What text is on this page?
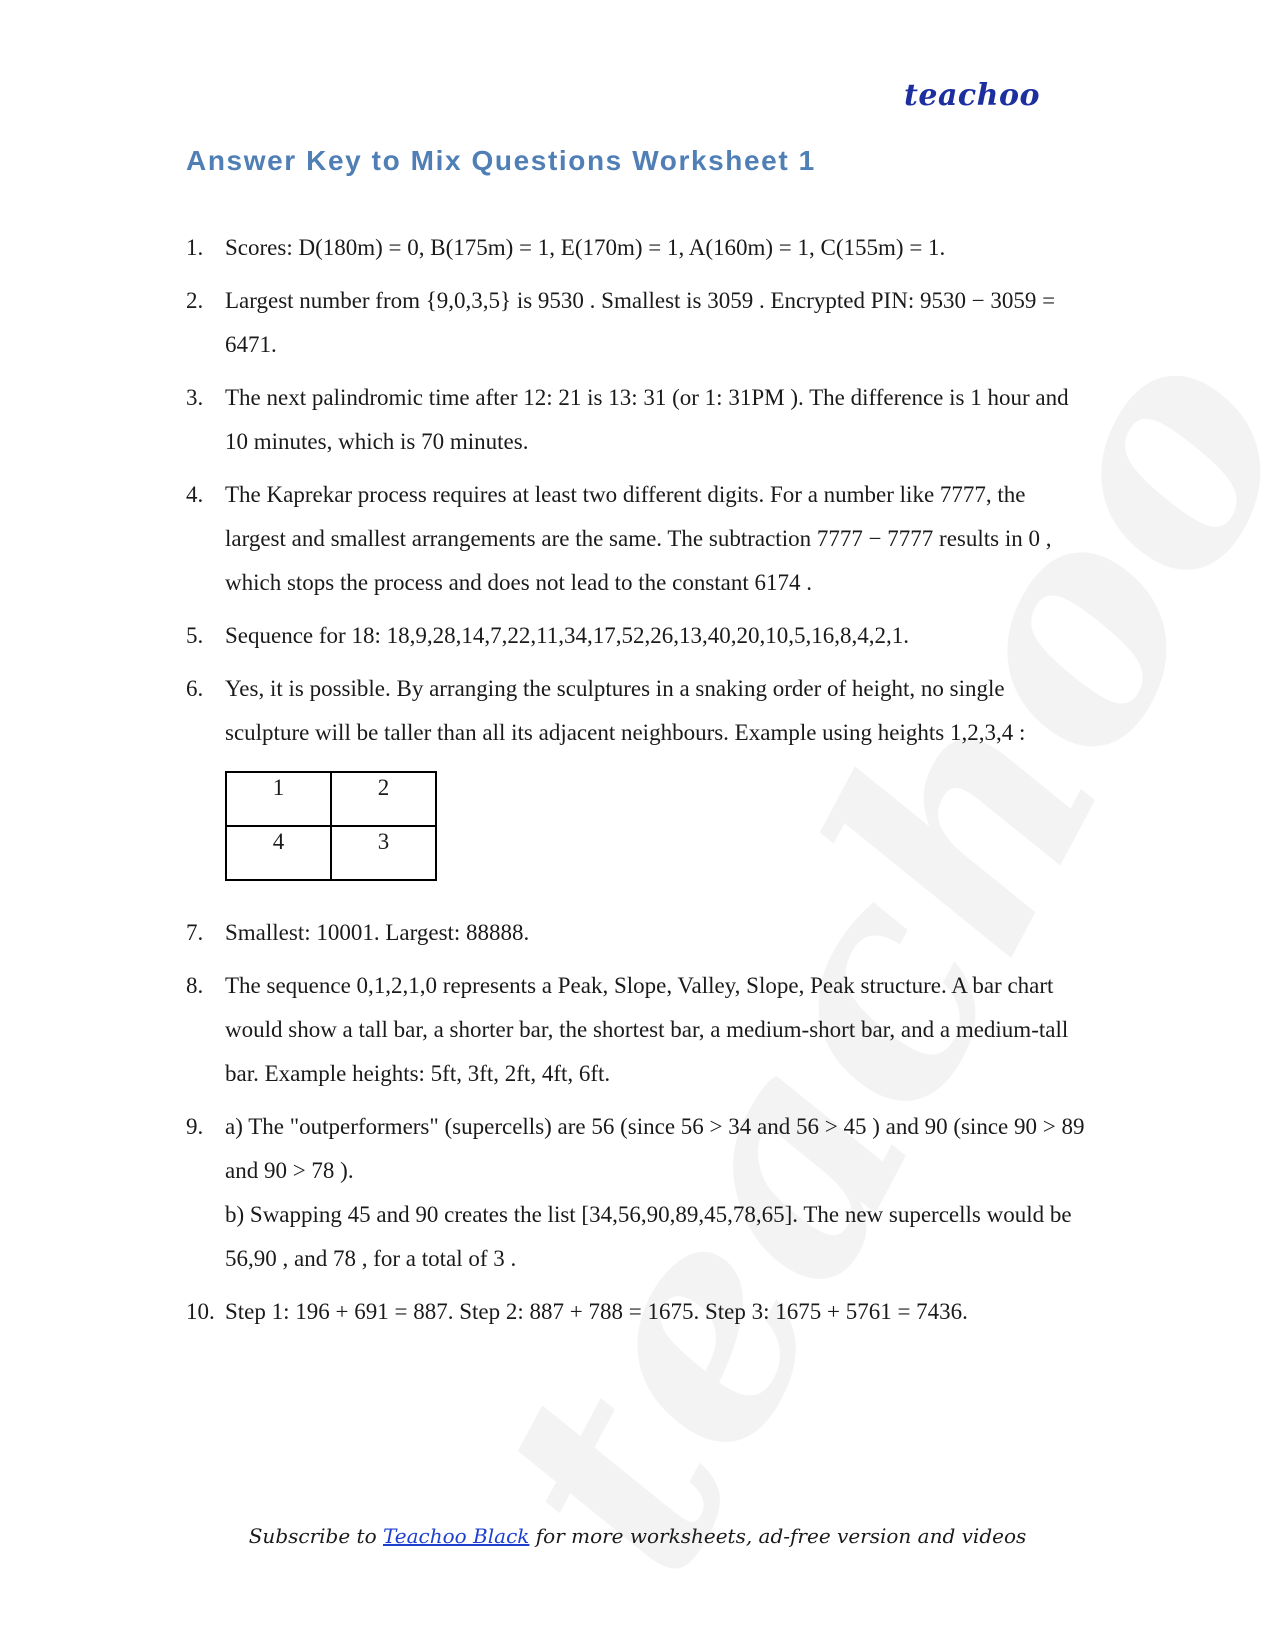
teachoo
Answer Key to Mix Questions Worksheet 1
1. Scores: D(180m) = 0, B(175m) = 1, E(170m) = 1, A(160m) = 1, C(155m) = 1.

2. Largest number from {9,0,3,5} is 9530 . Smallest is 3059 . Encrypted PIN: 9530 − 3059 = 6471.

3. The next palindromic time after 12: 21 is 13: 31 (or 1: 31PM ). The difference is 1 hour and 10 minutes, which is 70 minutes.

4. The Kaprekar process requires at least two different digits. For a number like 7777, the largest and smallest arrangements are the same. The subtraction 7777 − 7777 results in 0 , which stops the process and does not lead to the constant 6174 .

5. Sequence for 18: 18,9,28,14,7,22,11,34,17,52,26,13,40,20,10,5,16,8,4,2,1.

6. Yes, it is possible. By arranging the sculptures in a snaking order of height, no single sculpture will be taller than all its adjacent neighbours. Example using heights 1,2,3,4 :

1	2
4	3
7. Smallest: 10001. Largest: 88888.

8. The sequence 0,1,2,1,0 represents a Peak, Slope, Valley, Slope, Peak structure. A bar chart would show a tall bar, a shorter bar, the shortest bar, a medium-short bar, and a medium-tall bar. Example heights: 5ft, 3ft, 2ft, 4ft, 6ft.

9. a) The "outperformers" (supercells) are 56 (since 56 > 34 and 56 > 45 ) and 90 (since 90 > 89 and 90 > 78 ).

b) Swapping 45 and 90 creates the list [34,56,90,89,45,78,65]. The new supercells would be 56,90 , and 78 , for a total of 3 .

10. Step 1: 196 + 691 = 887. Step 2: 887 + 788 = 1675. Step 3: 1675 + 5761 = 7436.

Subscribe to Teachoo Black for more worksheets, ad-free version and videos
